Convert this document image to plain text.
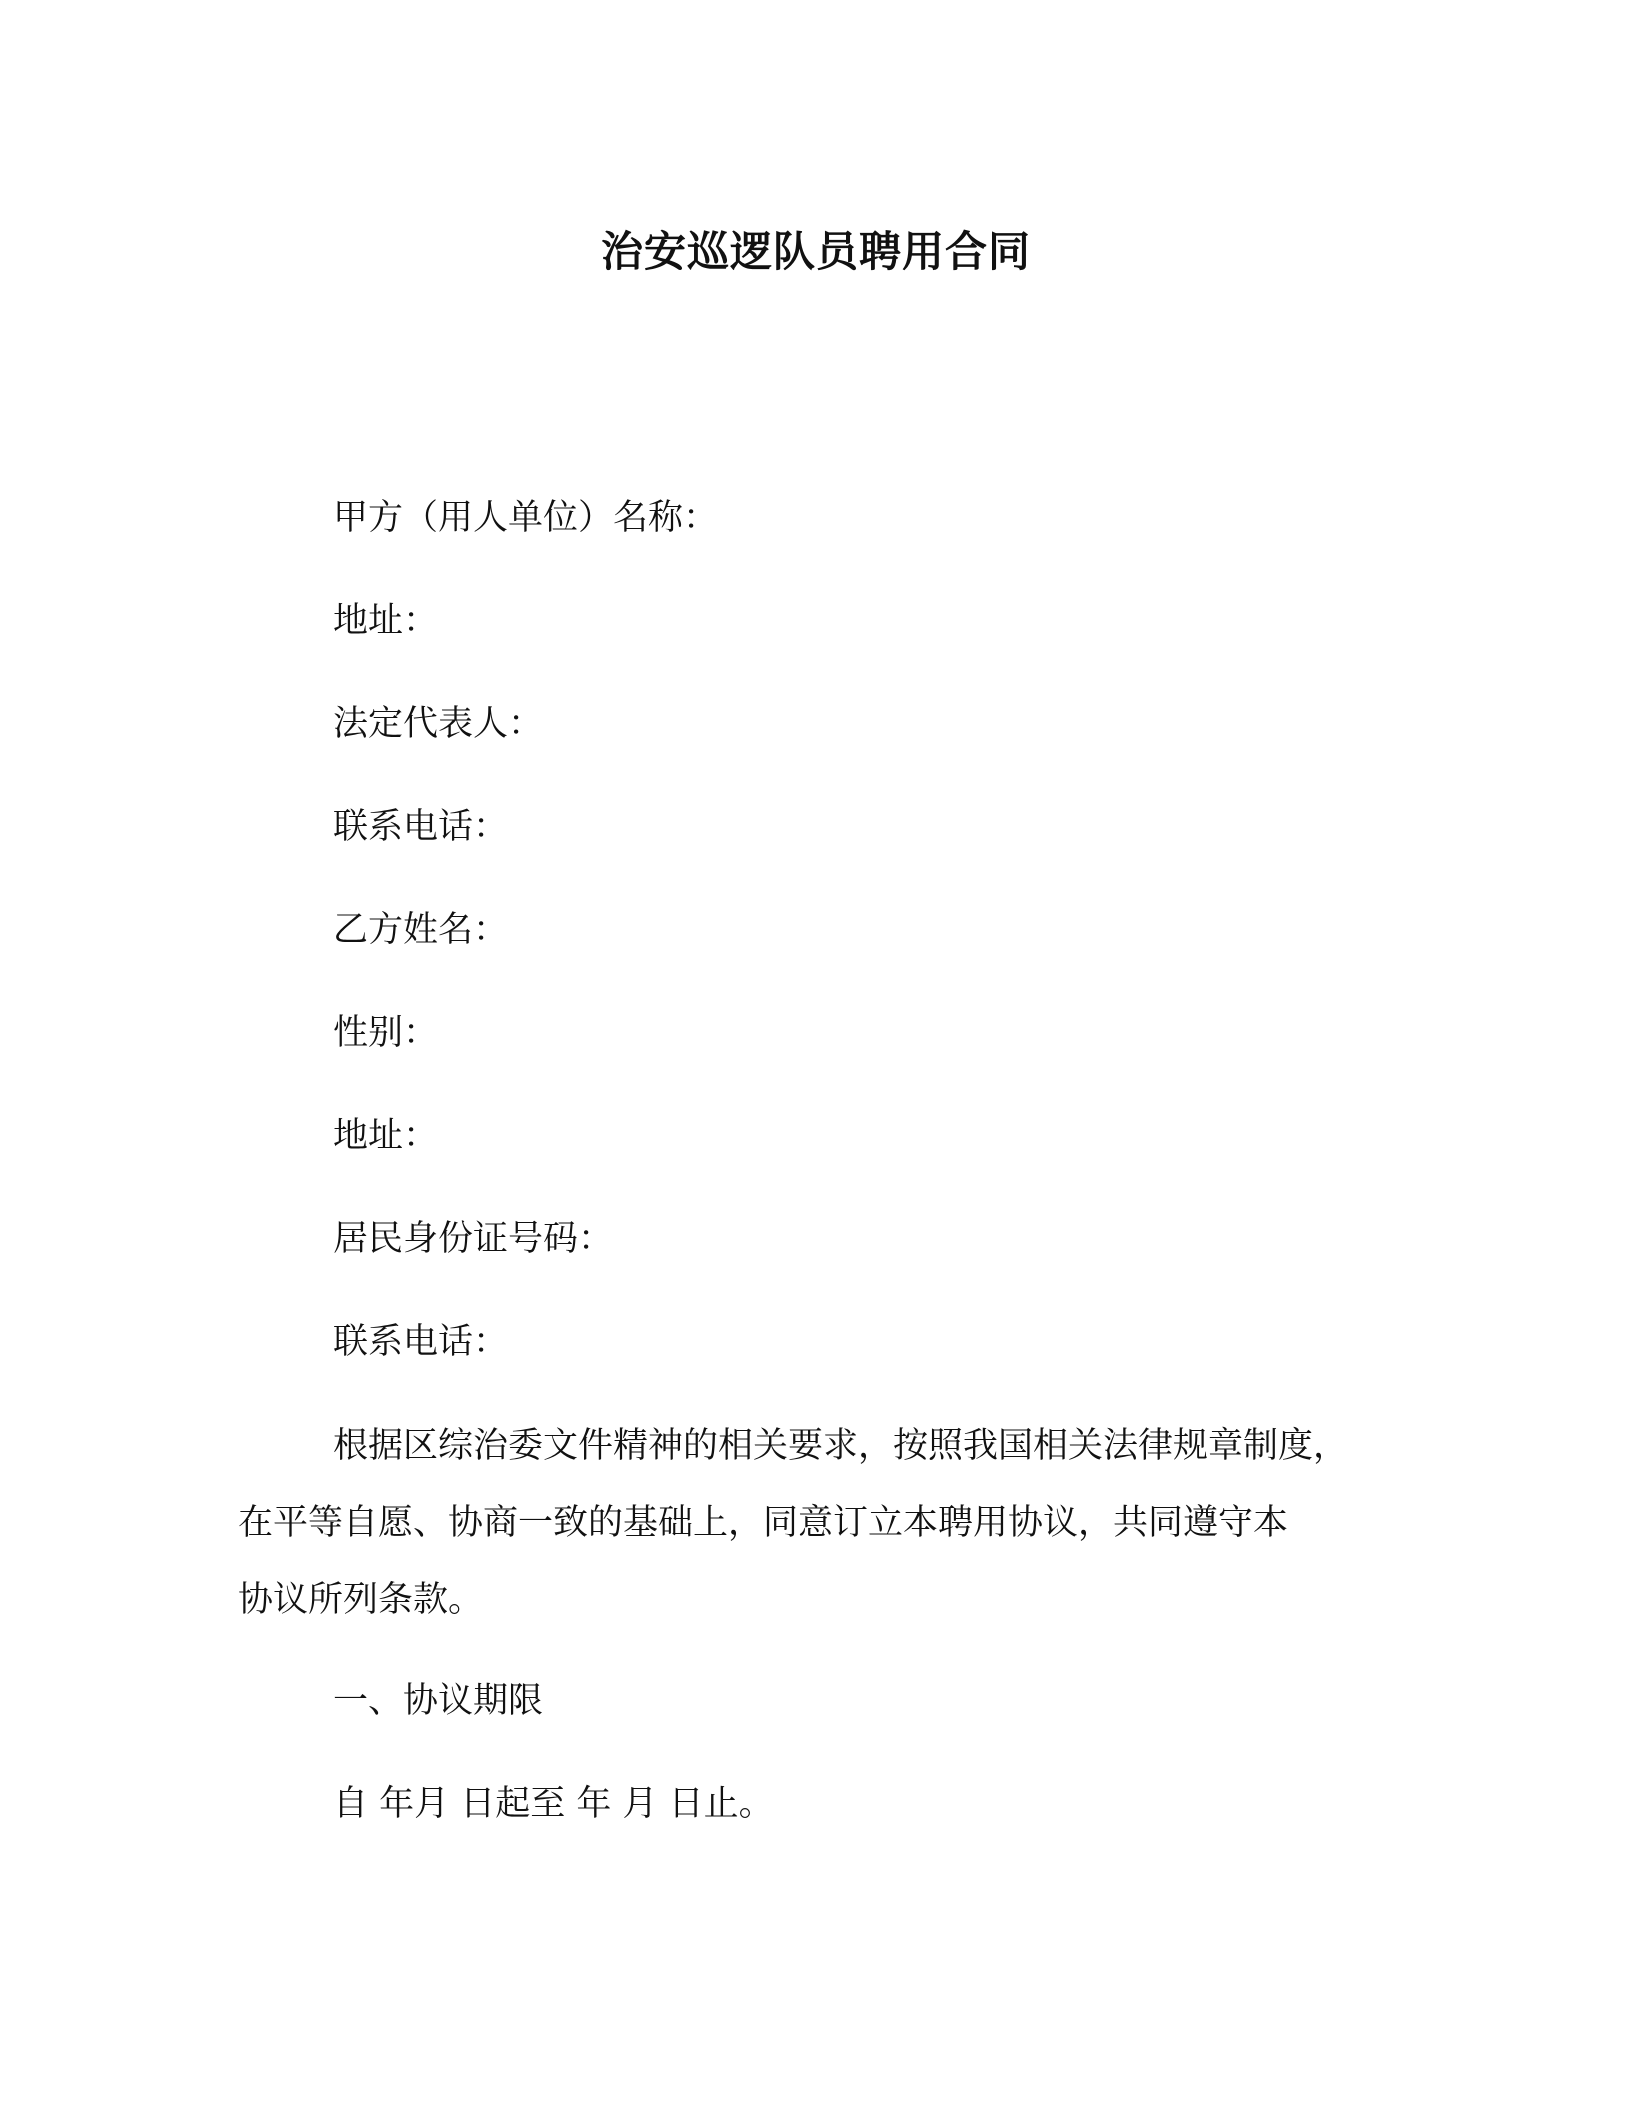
治安巡逻队员聘用合同
甲方（用人单位）名称：
地址：
法定代表人：
联系电话：
乙方姓名：
性别：
地址：
居民身份证号码：
联系电话：
根据区综治委文件精神的相关要求，按照我国相关法律规章制度，
在平等自愿、协商一致的基础上，同意订立本聘用协议，共同遵守本
协议所列条款。
一、协议期限
自 年月 日起至 年 月 日止。
